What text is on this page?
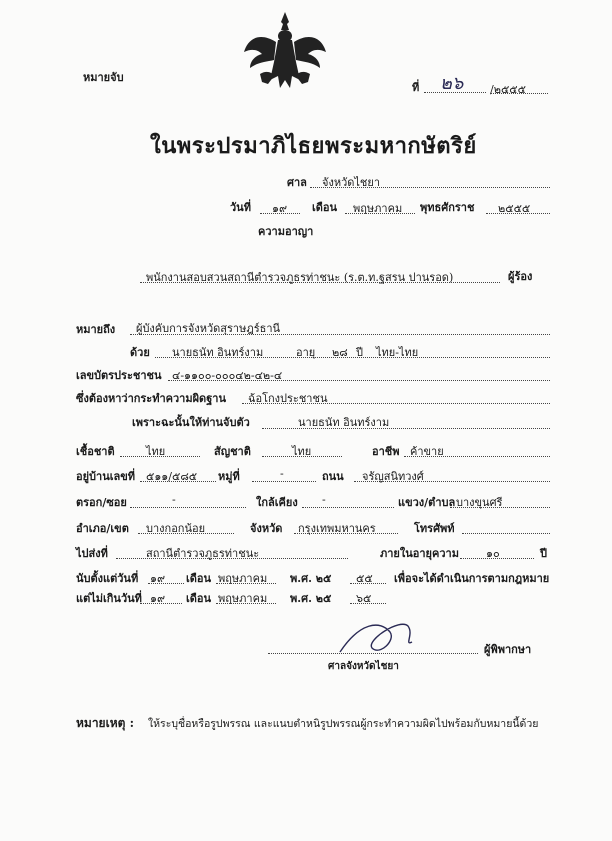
หมายจับ
ที่ ๒๖ /๒๕๕๕
ในพระปรมาภิไธยพระมหากษัตริย์
ศาล จังหวัดไชยา
วันที่ ๑๙ เดือน พฤษภาคม พุทธศักราช ๒๕๕๕
ความอาญา
พนักงานสอบสวนสถานีตำรวจภูธรท่าชนะ (ร.ต.ท.ฐสรน ปานรอด)	ผู้ร้อง
หมายถึง ผู้บังคับการจังหวัดสุราษฎร์ธานี
ด้วย นายธนัท อินทร์งาม	อายุ ๒๘ ปี ไทย-ไทย
เลขบัตรประชาชน ๔-๑๑๐๐-๐๐๐๔๒-๔๒-๔
ซึ่งต้องหาว่ากระทำความผิดฐาน ฉ้อโกงประชาชน
เพราะฉะนั้นให้ท่านจับตัว	นายธนัท อินทร์งาม
เชื้อชาติ	ไทย	สัญชาติ	ไทย	อาชีพ ค้าขาย
อยู่บ้านเลขที่ ๕๑๑/๕๘๕ หมู่ที่	-	ถนน จรัญสนิทวงศ์
ตรอก/ซอย	-	ใกล้เคียง -	แขวง/ตำบล บางขุนศรี
อำเภอ/เขต บางกอกน้อย	จังหวัด กรุงเทพมหานคร	โทรศัพท์
ไปส่งที่	สถานีตำรวจภูธรท่าชนะ	ภายในอายุความ ๑๐	ปี
นับตั้งแต่วันที่ ๑๙ เดือน พฤษภาคม พ.ศ. ๒๕ ๕๕ เพื่อจะได้ดำเนินการตามกฎหมาย
แต่ไม่เกินวันที่ ๑๙ เดือน พฤษภาคม พ.ศ. ๒๕ ๖๕
ผู้พิพากษา
ศาลจังหวัดไชยา
หมายเหตุ : ให้ระบุชื่อหรือรูปพรรณ และแนบตำหนิรูปพรรณผู้กระทำความผิดไปพร้อมกับหมายนี้ด้วย
